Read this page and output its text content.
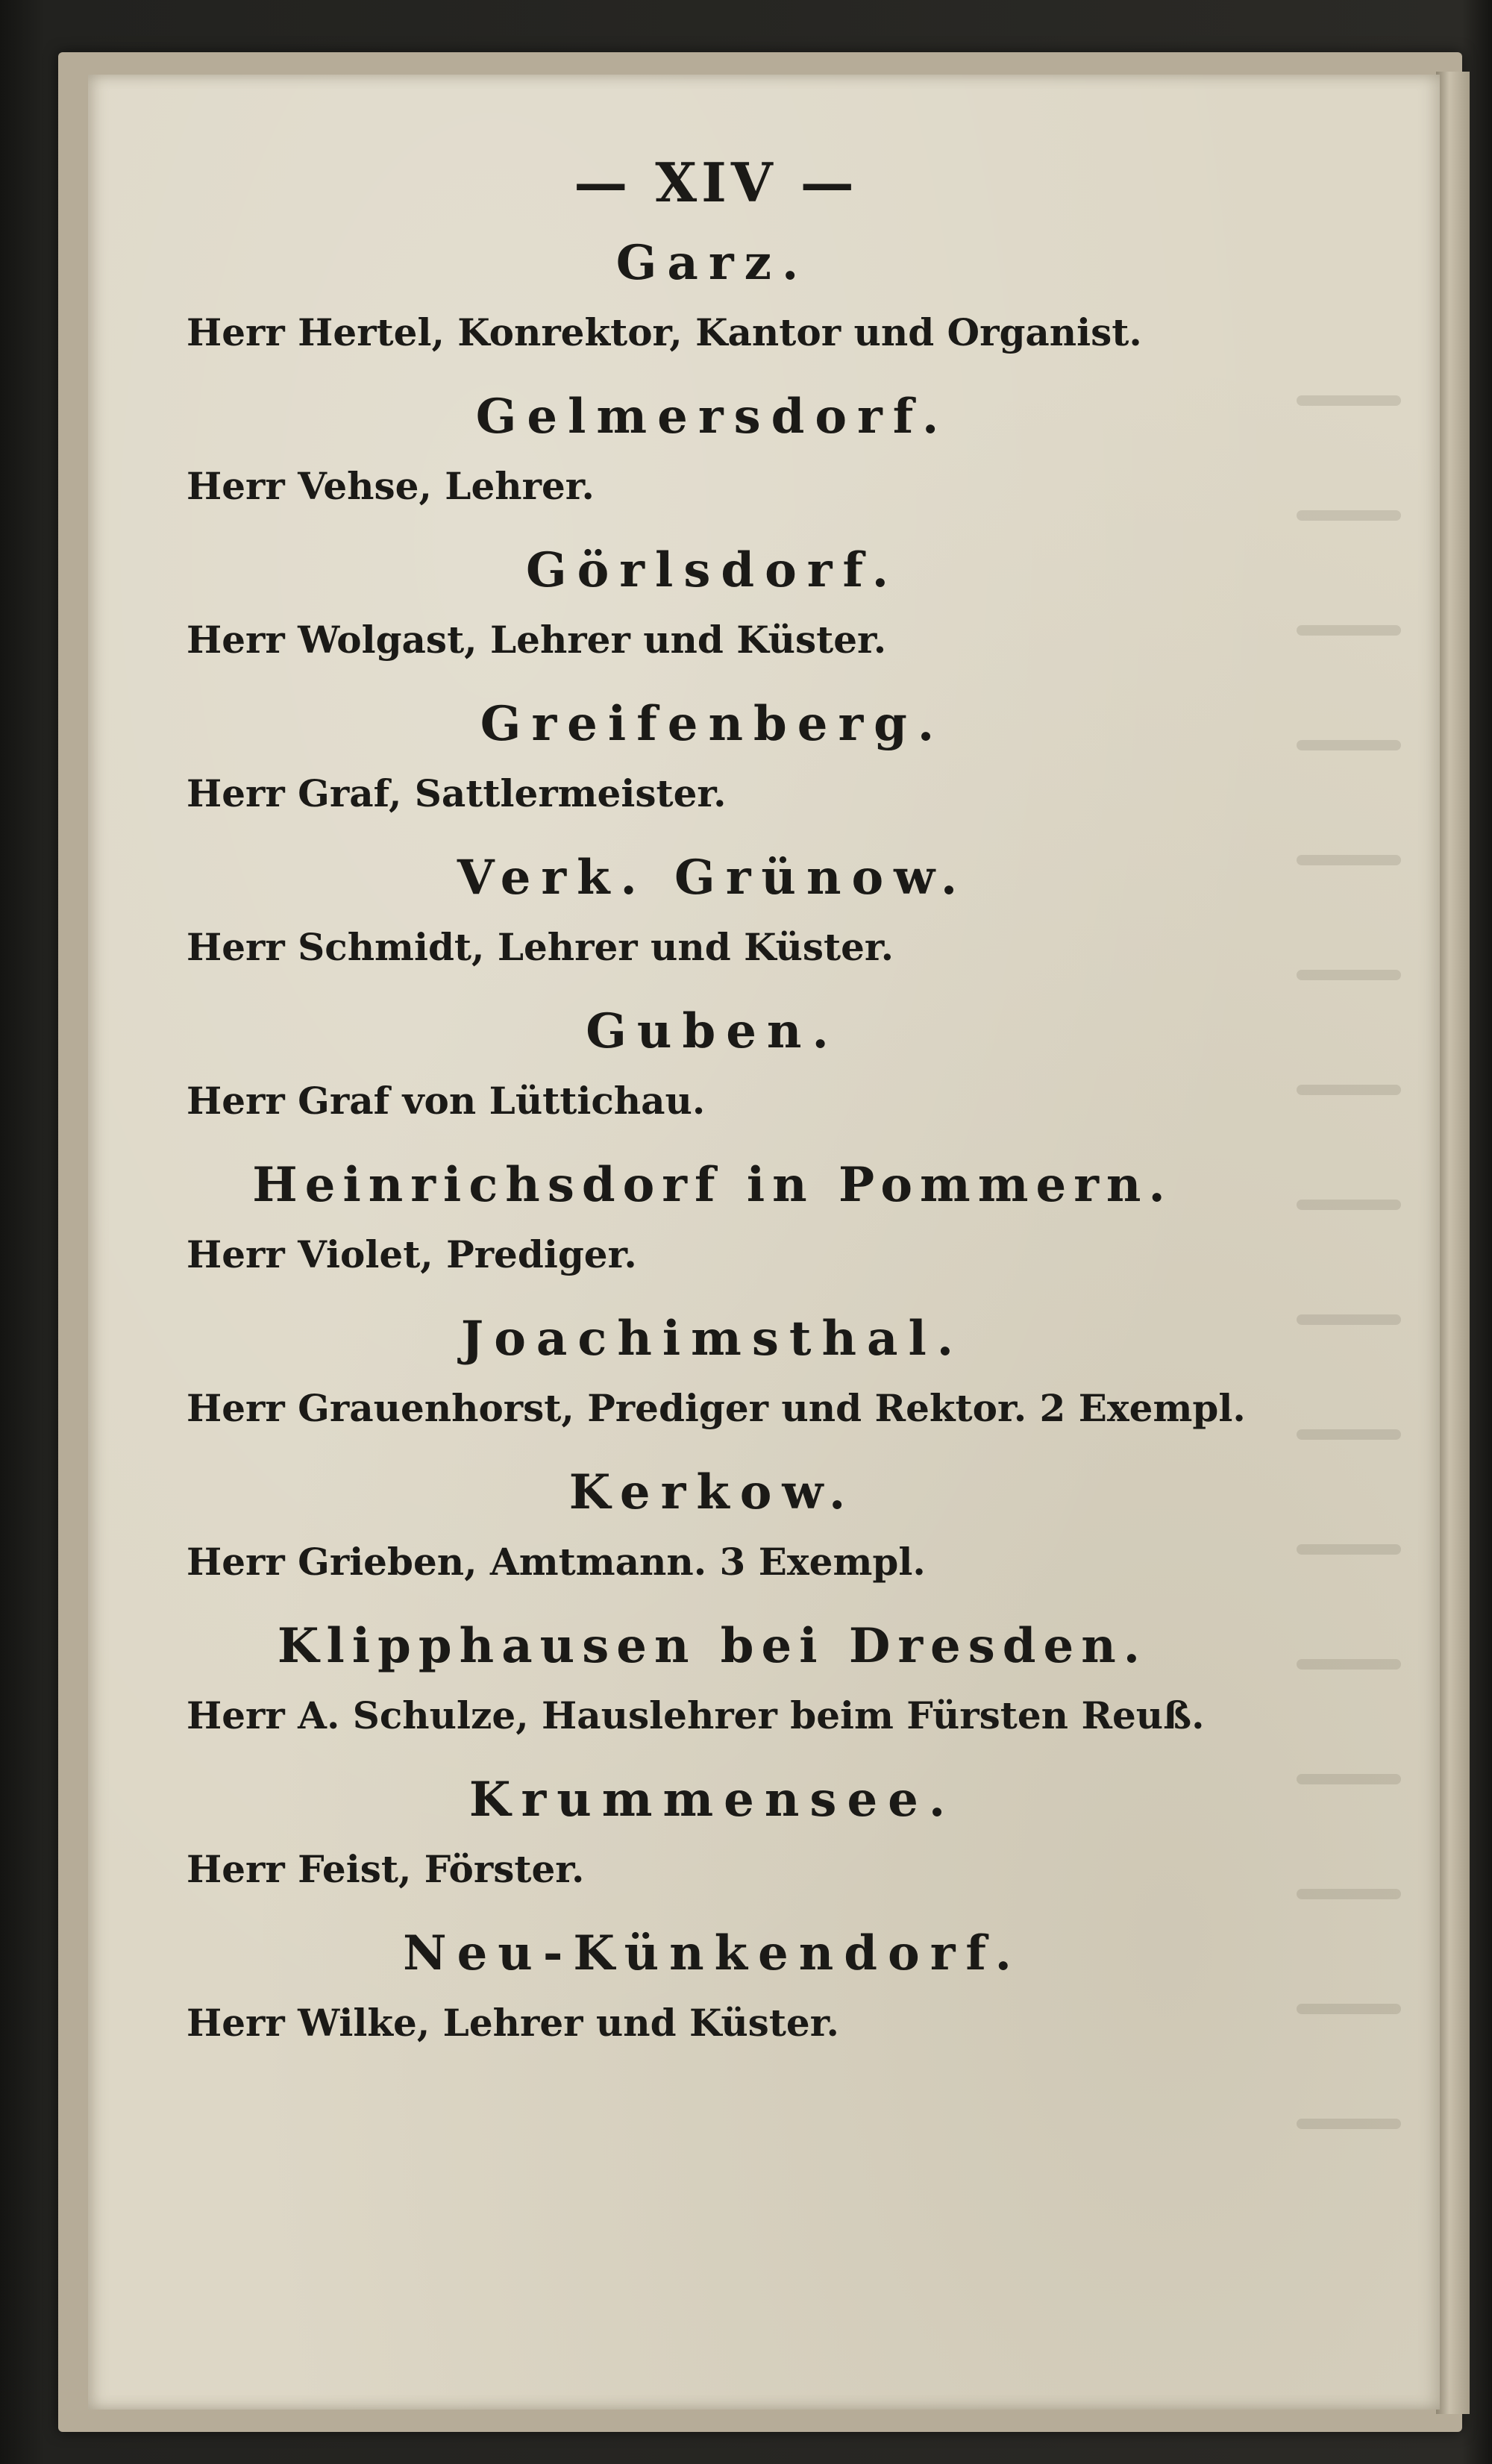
— XIV —
Garz.
Herr Hertel, Konrektor, Kantor und Organist.
Gelmersdorf.
Herr Vehse, Lehrer.
Görlsdorf.
Herr Wolgast, Lehrer und Küster.
Greifenberg.
Herr Graf, Sattlermeister.
Verk. Grünow.
Herr Schmidt, Lehrer und Küster.
Guben.
Herr Graf von Lüttichau.
Heinrichsdorf in Pommern.
Herr Violet, Prediger.
Joachimsthal.
Herr Grauenhorst, Prediger und Rektor. 2 Exempl.
Kerkow.
Herr Grieben, Amtmann. 3 Exempl.
Klipphausen bei Dresden.
Herr A. Schulze, Hauslehrer beim Fürsten Reuß.
Krummensee.
Herr Feist, Förster.
Neu-Künkendorf.
Herr Wilke, Lehrer und Küster.
